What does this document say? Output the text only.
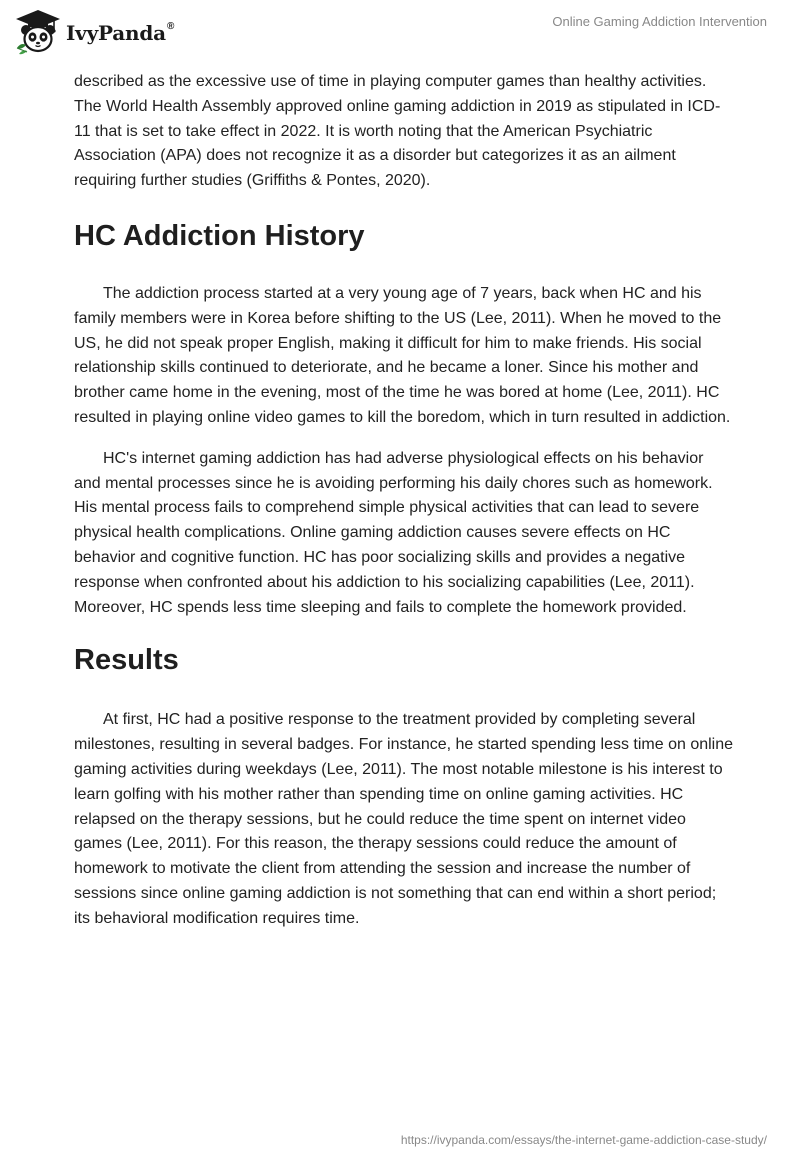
IvyPanda®	Online Gaming Addiction Intervention

described as the excessive use of time in playing computer games than healthy activities. The World Health Assembly approved online gaming addiction in 2019 as stipulated in ICD-11 that is set to take effect in 2022. It is worth noting that the American Psychiatric Association (APA) does not recognize it as a disorder but categorizes it as an ailment requiring further studies (Griffiths & Pontes, 2020).

HC Addiction History

The addiction process started at a very young age of 7 years, back when HC and his family members were in Korea before shifting to the US (Lee, 2011). When he moved to the US, he did not speak proper English, making it difficult for him to make friends. His social relationship skills continued to deteriorate, and he became a loner. Since his mother and brother came home in the evening, most of the time he was bored at home (Lee, 2011). HC resulted in playing online video games to kill the boredom, which in turn resulted in addiction.

HC's internet gaming addiction has had adverse physiological effects on his behavior and mental processes since he is avoiding performing his daily chores such as homework. His mental process fails to comprehend simple physical activities that can lead to severe physical health complications. Online gaming addiction causes severe effects on HC behavior and cognitive function. HC has poor socializing skills and provides a negative response when confronted about his addiction to his socializing capabilities (Lee, 2011). Moreover, HC spends less time sleeping and fails to complete the homework provided.

Results

At first, HC had a positive response to the treatment provided by completing several milestones, resulting in several badges. For instance, he started spending less time on online gaming activities during weekdays (Lee, 2011). The most notable milestone is his interest to learn golfing with his mother rather than spending time on online gaming activities. HC relapsed on the therapy sessions, but he could reduce the time spent on internet video games (Lee, 2011). For this reason, the therapy sessions could reduce the amount of homework to motivate the client from attending the session and increase the number of sessions since online gaming addiction is not something that can end within a short period; its behavioral modification requires time.

https://ivypanda.com/essays/the-internet-game-addiction-case-study/
